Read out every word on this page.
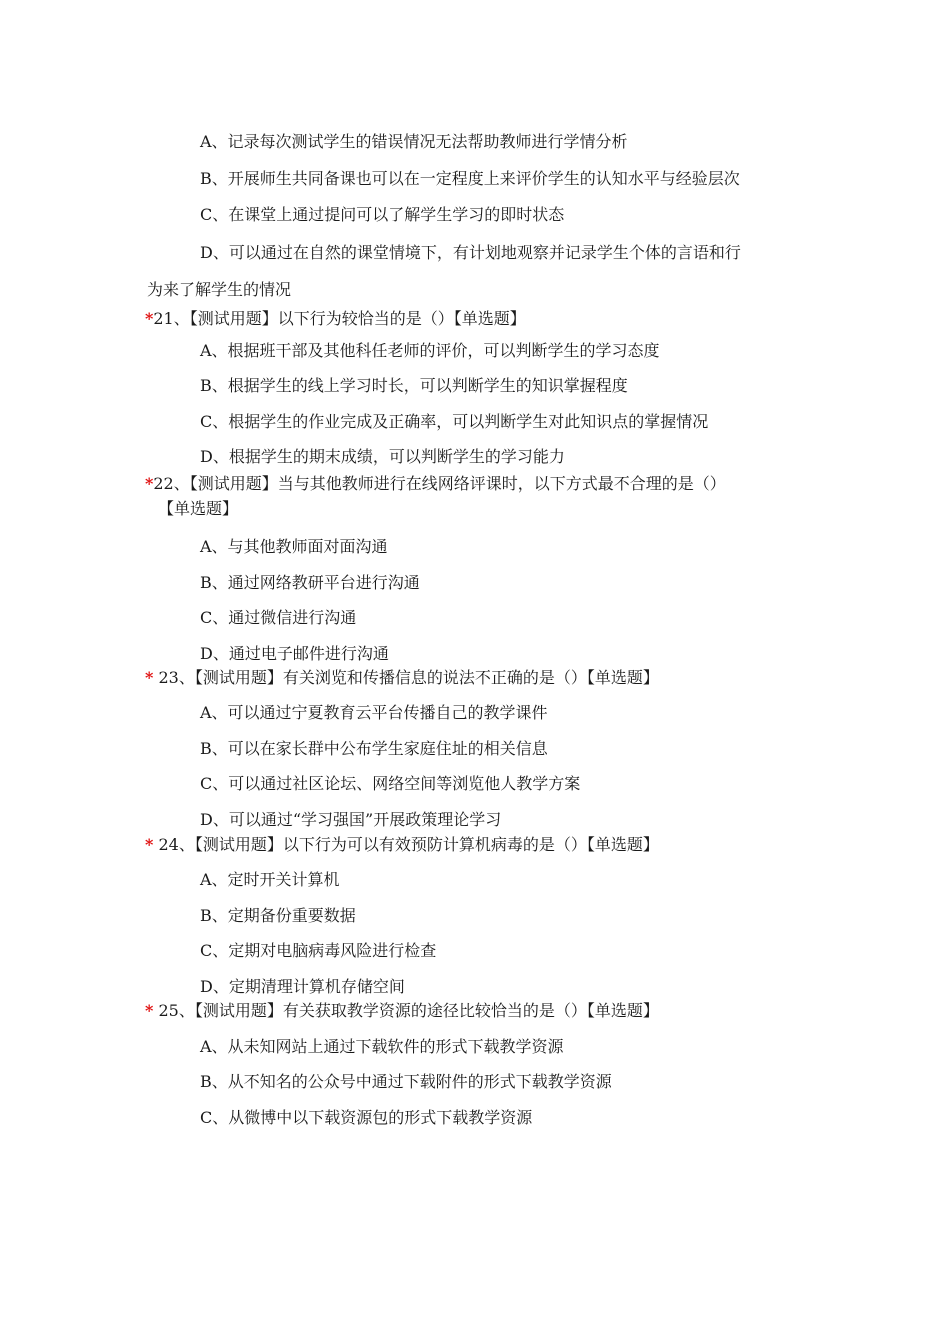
A、记录每次测试学生的错误情况无法帮助教师进行学情分析
B、开展师生共同备课也可以在一定程度上来评价学生的认知水平与经验层次
C、在课堂上通过提问可以了解学生学习的即时状态
D、可以通过在自然的课堂情境下，有计划地观察并记录学生个体的言语和行
为来了解学生的情况
*21、【测试用题】以下行为较恰当的是（）【单选题】
A、根据班干部及其他科任老师的评价，可以判断学生的学习态度
B、根据学生的线上学习时长，可以判断学生的知识掌握程度
C、根据学生的作业完成及正确率，可以判断学生对此知识点的掌握情况
D、根据学生的期末成绩，可以判断学生的学习能力
*22、【测试用题】当与其他教师进行在线网络评课时，以下方式最不合理的是（）
【单选题】
A、与其他教师面对面沟通
B、通过网络教研平台进行沟通
C、通过微信进行沟通
D、通过电子邮件进行沟通
* 23、【测试用题】有关浏览和传播信息的说法不正确的是（）【单选题】
A、可以通过宁夏教育云平台传播自己的教学课件
B、可以在家长群中公布学生家庭住址的相关信息
C、可以通过社区论坛、网络空间等浏览他人教学方案
D、可以通过“学习强国”开展政策理论学习
* 24、【测试用题】以下行为可以有效预防计算机病毒的是（）【单选题】
A、定时开关计算机
B、定期备份重要数据
C、定期对电脑病毒风险进行检查
D、定期清理计算机存储空间
* 25、【测试用题】有关获取教学资源的途径比较恰当的是（）【单选题】
A、从未知网站上通过下载软件的形式下载教学资源
B、从不知名的公众号中通过下载附件的形式下载教学资源
C、从微博中以下载资源包的形式下载教学资源
